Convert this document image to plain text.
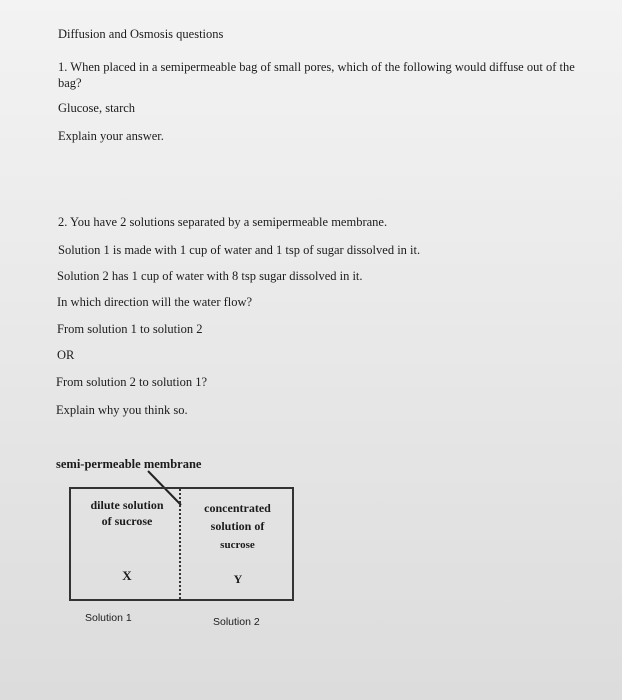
Diffusion and Osmosis questions
1. When placed in a semipermeable bag of small pores, which of the following would diffuse out of the bag?
Glucose, starch
Explain your answer.
2. You have 2 solutions separated by a semipermeable membrane.
Solution 1 is made with 1 cup of water and 1 tsp of sugar dissolved in it.
Solution 2 has 1 cup of water with 8 tsp sugar dissolved in it.
In which direction will the water flow?
From solution 1 to solution 2
OR
From solution 2 to solution 1?
Explain why you think so.
semi-permeable membrane
dilute solution
of sucrose
concentrated
solution of
sucrose
X	Y
Solution 1	Solution 2
